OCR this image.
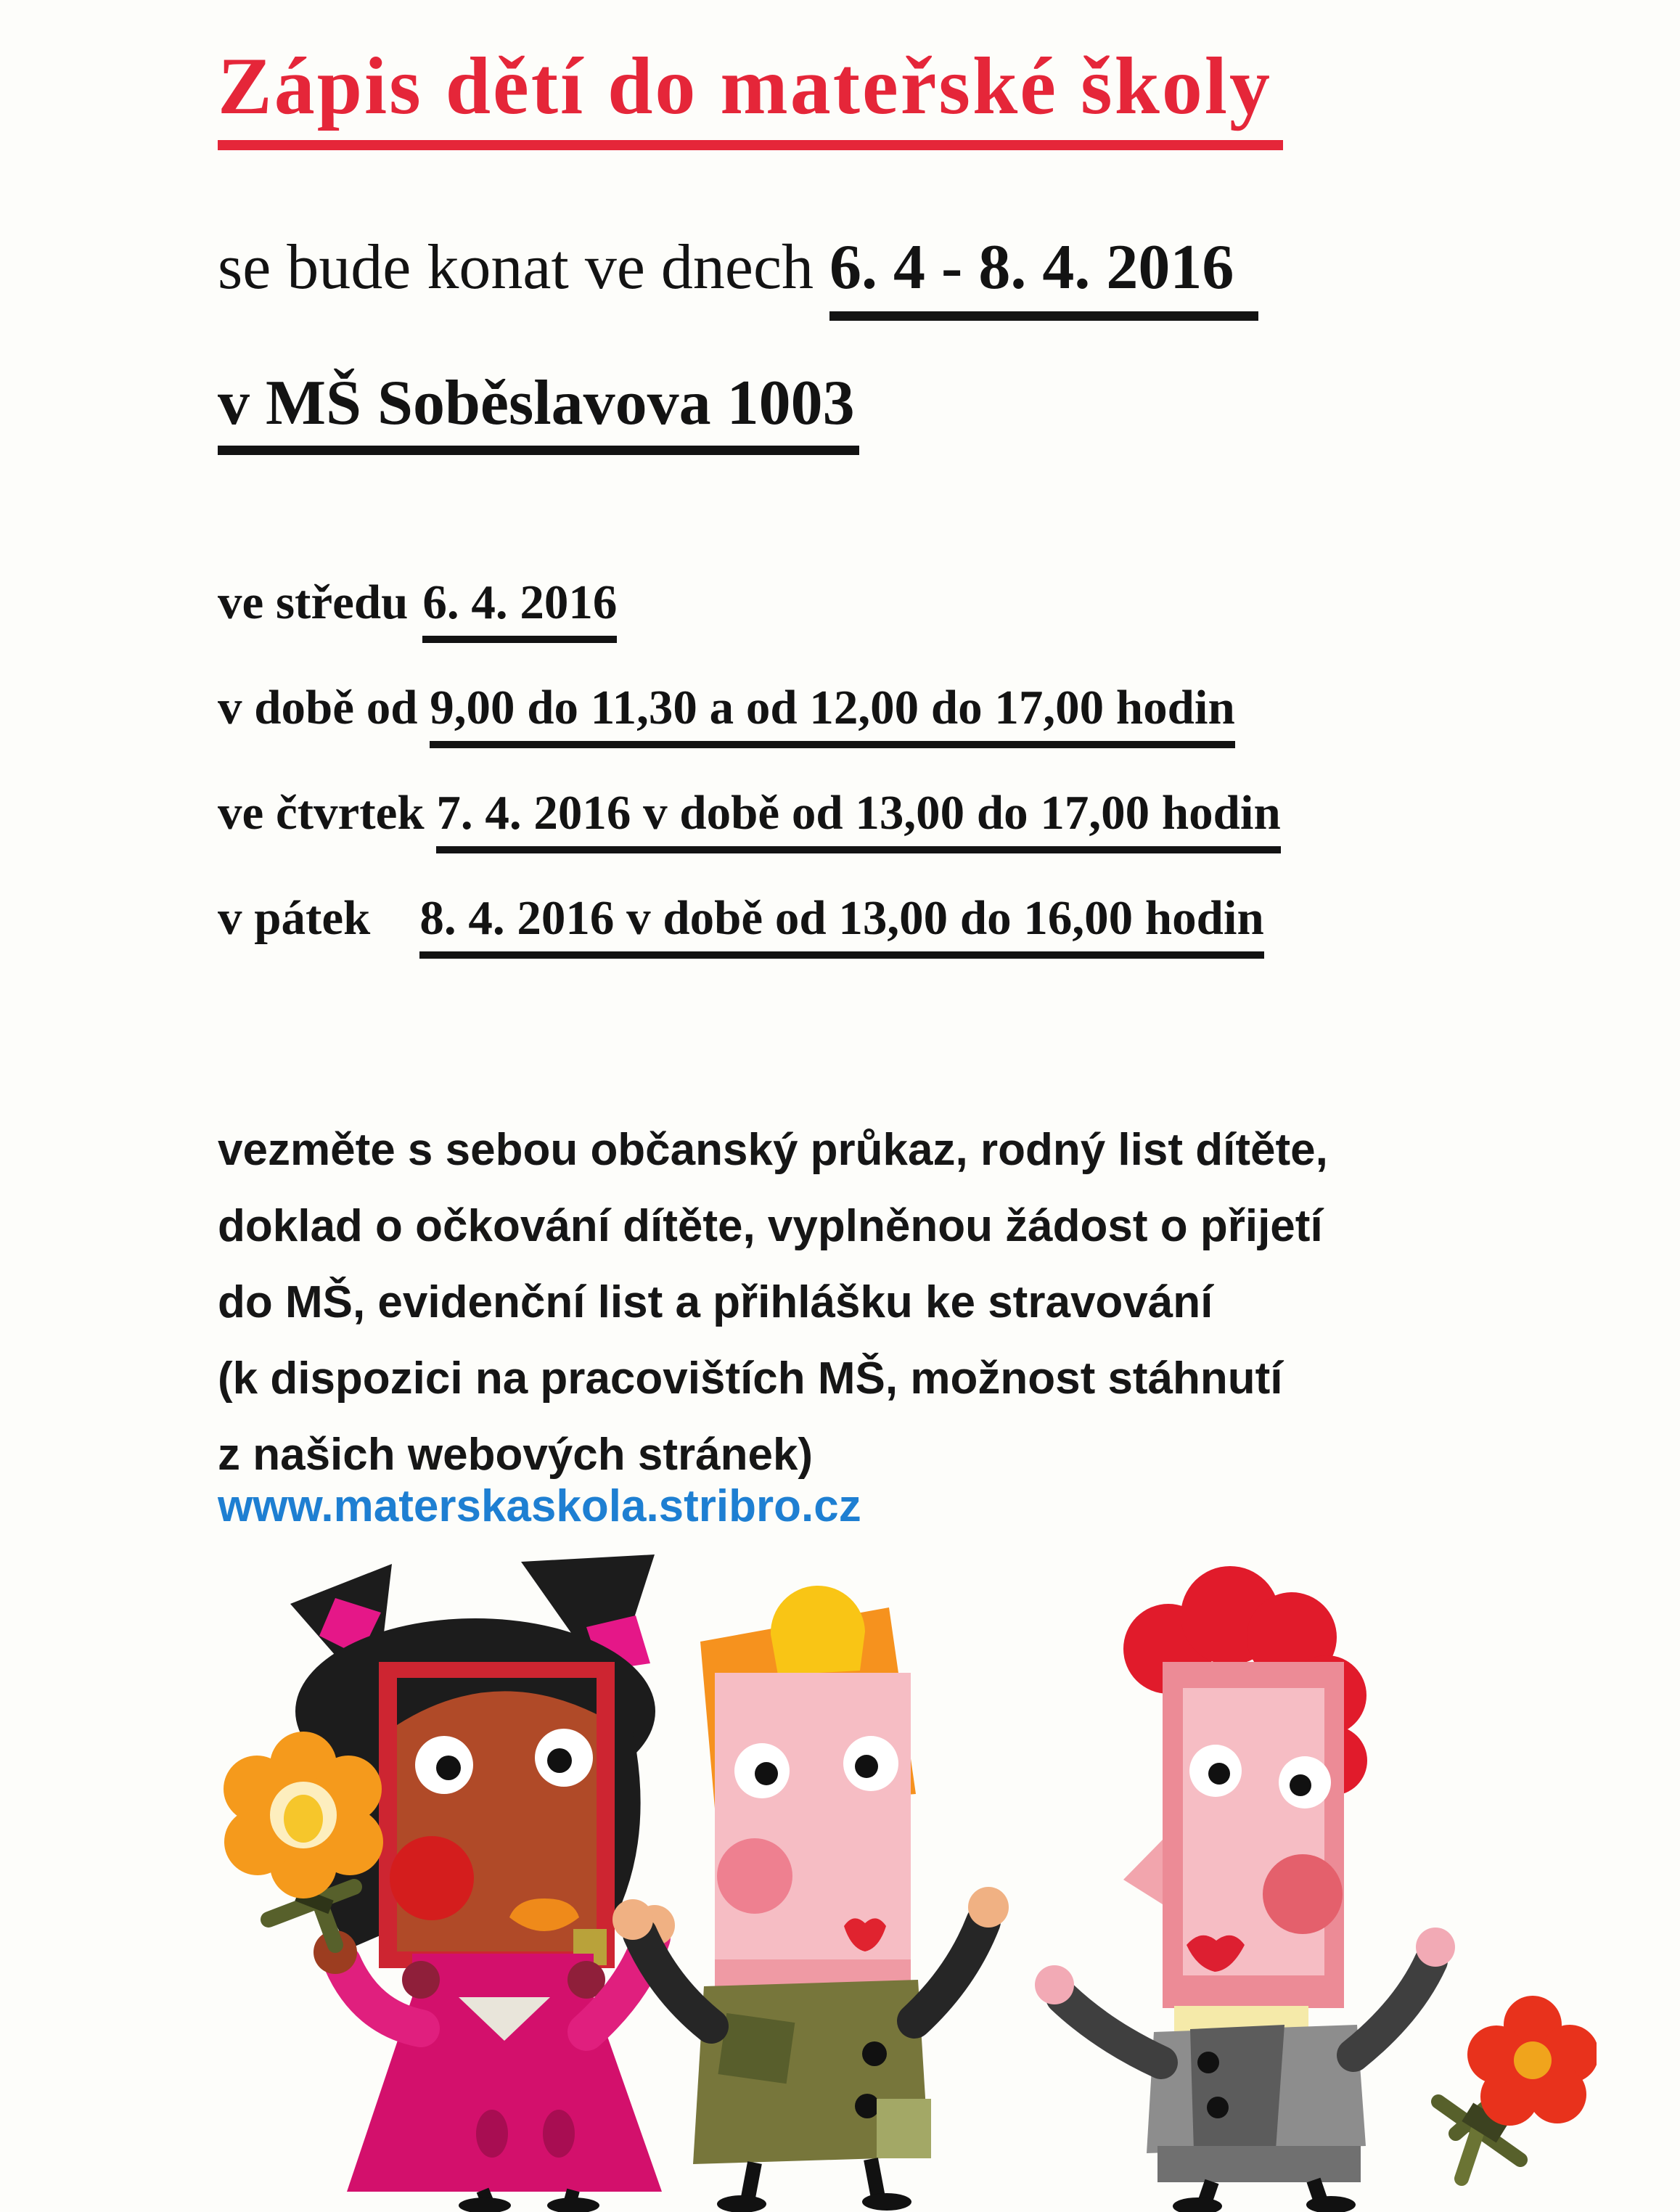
Zápis dětí do mateřské školy
se bude konat ve dnech 6. 4 - 8. 4. 2016
v MŠ Soběslavova 1003
ve středu 6. 4. 2016
v době od 9,00 do 11,30 a od 12,00 do 17,00 hodin
ve čtvrtek 7. 4. 2016 v době od 13,00 do 17,00 hodin
v pátek 8. 4. 2016 v době od 13,00 do 16,00 hodin
vezměte s sebou občanský průkaz, rodný list dítěte,
doklad o očkování dítěte, vyplněnou žádost o přijetí
do MŠ, evidenční list a přihlášku ke stravování
(k dispozici na pracovištích MŠ, možnost stáhnutí
z našich webových stránek)
www.materskaskola.stribro.cz
